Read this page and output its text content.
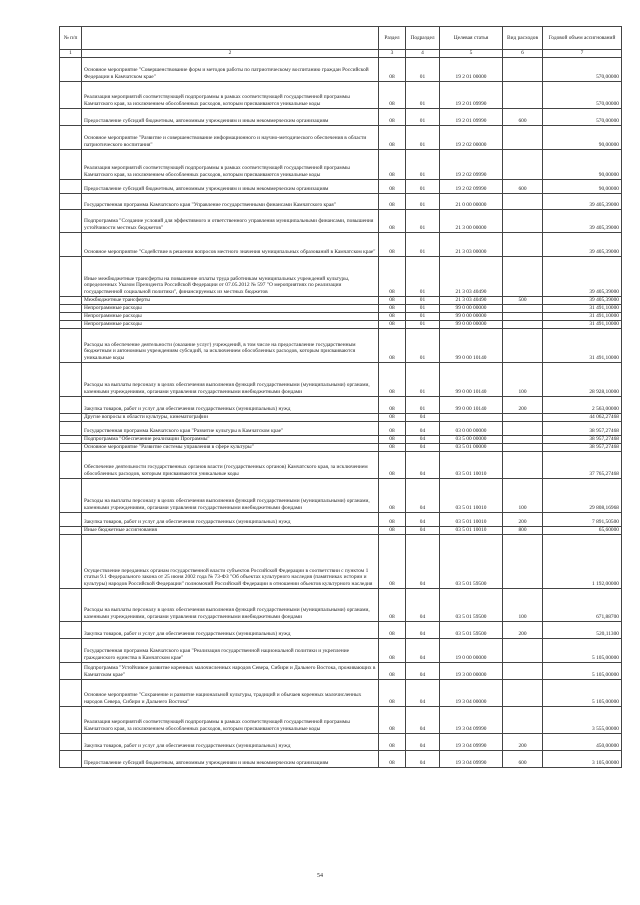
№ п/п		Раздел	Подраздел	Целевая статья	Вид расходов	Годовой объем ассигнований
1	2	3	4	5	6	7
	Основное мероприятие "Совершенствование форм и методов работы по патриотическому воспитанию граждан Российской Федерации в Камчатском крае"	08	01	19 2 01 00000		570,00000
	Реализация мероприятий соответствующей подпрограммы в рамках соответствующей государственной программы Камчатского края, за исключением обособленных расходов, которым присваиваются уникальные коды	08	01	19 2 01 09990		570,00000
	Предоставление субсидий бюджетным, автономным учреждениям и иным некоммерческим организациям	08	01	19 2 01 09990	600	570,00000
	Основное мероприятие "Развитие и совершенствование информационного и научно-методического обеспечения в области патриотического воспитания"	08	01	19 2 02 00000		90,00000
	Реализация мероприятий соответствующей подпрограммы в рамках соответствующей государственной программы Камчатского края, за исключением обособленных расходов, которым присваиваются уникальные коды	08	01	19 2 02 09990		90,00000
	Предоставление субсидий бюджетным, автономным учреждениям и иным некоммерческим организациям	08	01	19 2 02 09990	600	90,00000
	Государственная программа Камчатского края "Управление государственными финансами Камчатского края"	08	01	21 0 00 00000		39 405,39000
	Подпрограмма "Создание условий для эффективного и ответственного управления муниципальными финансами, повышения устойчивости местных бюджетов"	08	01	21 3 00 00000		39 405,39000
	Основное мероприятие "Содействие в решении вопросов местного значения муниципальных образований в Камчатском крае"	08	01	21 3 03 00000		39 405,39000
	Иные межбюджетные трансферты на повышение оплаты труда работникам муниципальных учреждений культуры, определенных Указом Президента Российской Федерации от 07.05.2012 № 597 "О мероприятиях по реализации государственной социальной политики", финансируемых из местных бюджетов	08	01	21 3 03 40490		39 405,39000
	Межбюджетные трансферты	08	01	21 3 03 40490	500	39 405,39000
	Непрограммные расходы	08	01	99 0 00 00000		31 491,10000
	Непрограммные расходы	08	01	99 0 00 00000		31 491,10000
	Непрограммные расходы	08	01	99 0 00 00000		31 491,10000
	Расходы на обеспечение деятельности (оказание услуг) учреждений, в том числе на предоставление государственным бюджетным и автономным учреждениям субсидий, за исключением обособленных расходов, которым присваиваются уникальные коды	08	01	99 0 00 10140		31 491,10000
	Расходы на выплаты персоналу в целях обеспечения выполнения функций государственными (муниципальными) органами, казенными учреждениями, органами управления государственными внебюджетными фондами	08	01	99 0 00 10140	100	28 928,10000
	Закупка товаров, работ и услуг для обеспечения государственных (муниципальных) нужд	08	01	99 0 00 10140	200	2 563,00000
	Другие вопросы в области культуры, кинематографии	08	04			44 062,27468
	Государственная программа Камчатского края "Развитие культуры в Камчатском крае"	08	04	03 0 00 00000		38 957,27468
	Подпрограмма "Обеспечение реализации Программы"	08	04	03 5 00 00000		38 957,27468
	Основное мероприятие "Развитие системы управления в сфере культуры"	08	04	03 5 01 00000		38 957,27468
	Обеспечение деятельности государственных органов власти (государственных органов) Камчатского края, за исключением обособленных расходов, которым присваиваются уникальные коды	08	04	03 5 01 10010		37 765,27468
	Расходы на выплаты персоналу в целях обеспечения выполнения функций государственными (муниципальными) органами, казенными учреждениями, органами управления государственными внебюджетными фондами	08	04	03 5 01 10010	100	29 808,16968
	Закупка товаров, работ и услуг для обеспечения государственных (муниципальных) нужд	08	04	03 5 01 10010	200	7 891,50500
	Иные бюджетные ассигнования	08	04	03 5 01 10010	800	65,60000
	Осуществление переданных органам государственной власти субъектов Российской Федерации в соответствии с пунктом 1 статьи 9.1 Федерального закона от 25 июня 2002 года № 73-ФЗ "Об объектах культурного наследия (памятниках истории и культуры) народов Российской Федерации" полномочий Российской Федерации в отношении объектов культурного наследия	08	04	03 5 01 59500		1 192,00000
	Расходы на выплаты персоналу в целях обеспечения выполнения функций государственными (муниципальными) органами, казенными учреждениями, органами управления государственными внебюджетными фондами	08	04	03 5 01 59500	100	671,88700
	Закупка товаров, работ и услуг для обеспечения государственных (муниципальных) нужд	08	04	03 5 01 59500	200	520,11300
	Государственная программа Камчатского края "Реализация государственной национальной политики и укрепление гражданского единства в Камчатском крае"	08	04	19 0 00 00000		5 105,00000
	Подпрограмма "Устойчивое развитие коренных малочисленных народов Севера, Сибири и Дальнего Востока, проживающих в Камчатском крае"	08	04	19 3 00 00000		5 105,00000
	Основное мероприятие "Сохранение и развитие национальной культуры, традиций и обычаев коренных малочисленных народов Севера, Сибири и Дальнего Востока"	08	04	19 3 04 00000		5 105,00000
	Реализация мероприятий соответствующей подпрограммы в рамках соответствующей государственной программы Камчатского края, за исключением обособленных расходов, которым присваиваются уникальные коды	08	04	19 3 04 09990		3 555,00000
	Закупка товаров, работ и услуг для обеспечения государственных (муниципальных) нужд	08	04	19 3 04 09990	200	450,00000
	Предоставление субсидий бюджетным, автономным учреждениям и иным некоммерческим организациям	08	04	19 3 04 09990	600	3 105,00000
54
